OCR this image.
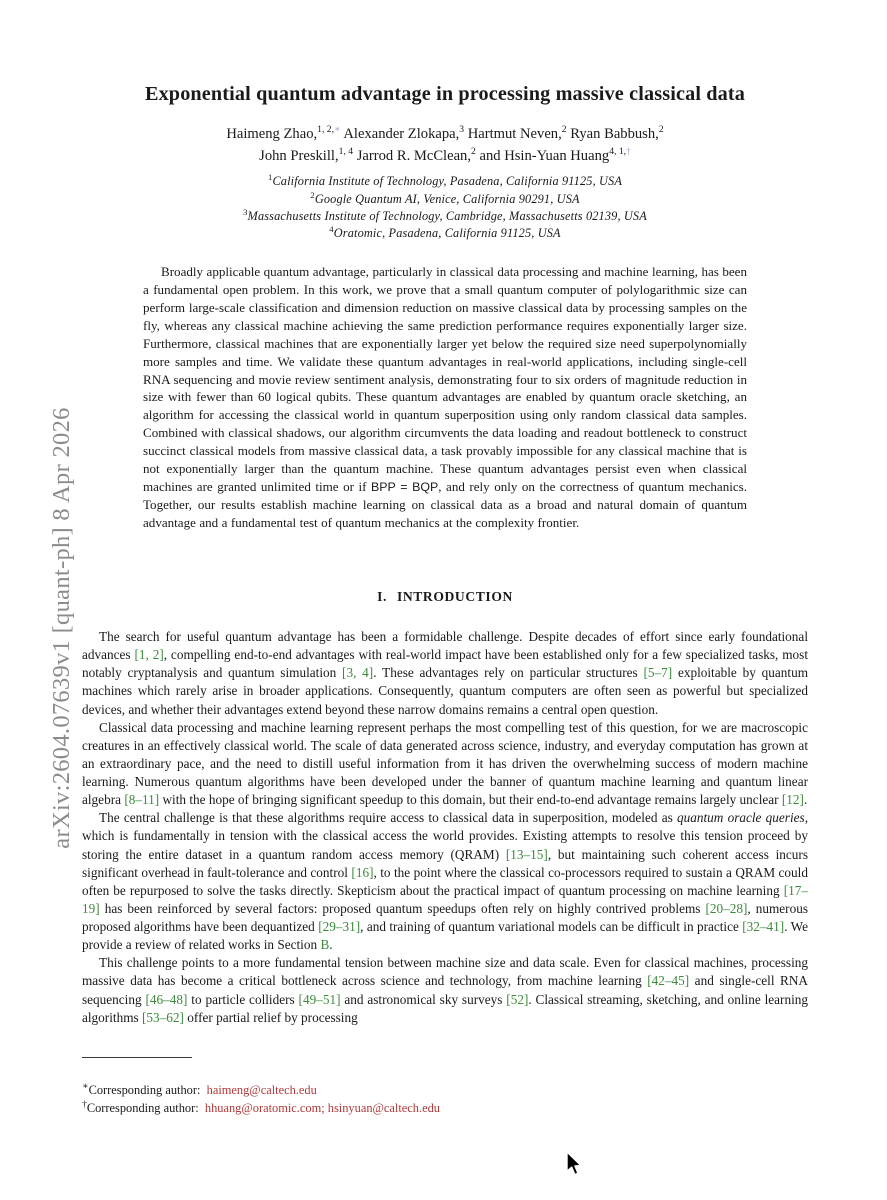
arXiv:2604.07639v1 [quant-ph] 8 Apr 2026
Exponential quantum advantage in processing massive classical data
Haimeng Zhao,$^{1, 2,∗}$ Alexander Zlokapa,$^3$ Hartmut Neven,$^2$ Ryan Babbush,$^2$
John Preskill,$^{1, 4}$ Jarrod R. McClean,$^2$ and Hsin-Yuan Huang$^{4, 1,\dagger}$
$^1$California Institute of Technology, Pasadena, California 91125, USA
$^2$Google Quantum AI, Venice, California 90291, USA
$^3$Massachusetts Institute of Technology, Cambridge, Massachusetts 02139, USA
$^4$Oratomic, Pasadena, California 91125, USA
Broadly applicable quantum advantage, particularly in classical data processing and machine learning, has been a fundamental open problem. In this work, we prove that a small quantum computer of polylogarithmic size can perform large-scale classification and dimension reduction on massive classical data by processing samples on the fly, whereas any classical machine achieving the same prediction performance requires exponentially larger size. Furthermore, classical machines that are exponentially larger yet below the required size need superpolynomially more samples and time. We validate these quantum advantages in real-world applications, including single-cell RNA sequencing and movie review sentiment analysis, demonstrating four to six orders of magnitude reduction in size with fewer than 60 logical qubits. These quantum advantages are enabled by quantum oracle sketching, an algorithm for accessing the classical world in quantum superposition using only random classical data samples. Combined with classical shadows, our algorithm circumvents the data loading and readout bottleneck to construct succinct classical models from massive classical data, a task provably impossible for any classical machine that is not exponentially larger than the quantum machine. These quantum advantages persist even when classical machines are granted unlimited time or if BPP = BQP, and rely only on the correctness of quantum mechanics. Together, our results establish machine learning on classical data as a broad and natural domain of quantum advantage and a fundamental test of quantum mechanics at the complexity frontier.
I. INTRODUCTION

The search for useful quantum advantage has been a formidable challenge. Despite decades of effort since early foundational advances [1, 2], compelling end-to-end advantages with real-world impact have been established only for a few specialized tasks, most notably cryptanalysis and quantum simulation [3, 4]. These advantages rely on particular structures [5–7] exploitable by quantum machines which rarely arise in broader applications. Consequently, quantum computers are often seen as powerful but specialized devices, and whether their advantages extend beyond these narrow domains remains a central open question.

Classical data processing and machine learning represent perhaps the most compelling test of this question, for we are macroscopic creatures in an effectively classical world. The scale of data generated across science, industry, and everyday computation has grown at an extraordinary pace, and the need to distill useful information from it has driven the overwhelming success of modern machine learning. Numerous quantum algorithms have been developed under the banner of quantum machine learning and quantum linear algebra [8–11] with the hope of bringing significant speedup to this domain, but their end-to-end advantage remains largely unclear [12].

The central challenge is that these algorithms require access to classical data in superposition, modeled as quantum oracle queries, which is fundamentally in tension with the classical access the world provides. Existing attempts to resolve this tension proceed by storing the entire dataset in a quantum random access memory (QRAM) [13–15], but maintaining such coherent access incurs significant overhead in fault-tolerance and control [16], to the point where the classical co-processors required to sustain a QRAM could often be repurposed to solve the tasks directly. Skepticism about the practical impact of quantum processing on machine learning [17–19] has been reinforced by several factors: proposed quantum speedups often rely on highly contrived problems [20–28], numerous proposed algorithms have been dequantized [29–31], and training of quantum variational models can be difficult in practice [32–41]. We provide a review of related works in Section B.

This challenge points to a more fundamental tension between machine size and data scale. Even for classical machines, processing massive data has become a critical bottleneck across science and technology, from machine learning [42–45] and single-cell RNA sequencing [46–48] to particle colliders [49–51] and astronomical sky surveys [52]. Classical streaming, sketching, and online learning algorithms [53–62] offer partial relief by processing

∗Corresponding author:  haimeng@caltech.edu

†Corresponding author:  hhuang@oratomic.com; hsinyuan@caltech.edu
